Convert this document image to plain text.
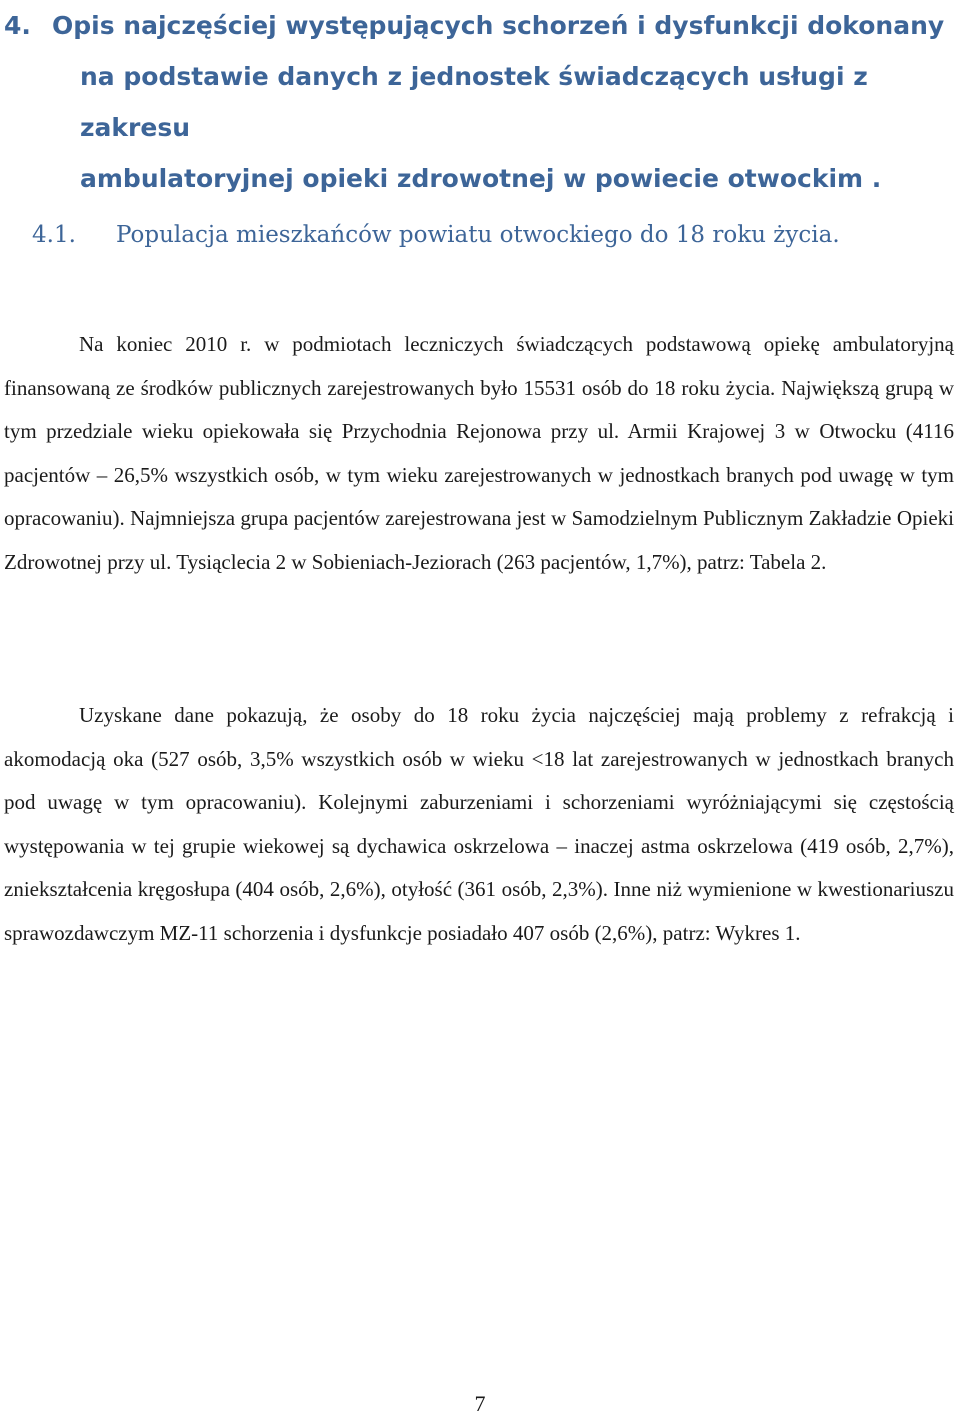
4. Opis najczęściej występujących schorzeń i dysfunkcji dokonany
na podstawie danych z jednostek świadczących usługi z zakresu
ambulatoryjnej opieki zdrowotnej w powiecie otwockim .
4.1. Populacja mieszkańców powiatu otwockiego do 18 roku życia.

Na koniec 2010 r. w podmiotach leczniczych świadczących podstawową opiekę ambulatoryjną finansowaną ze środków publicznych zarejestrowanych było 15531 osób do 18 roku życia. Największą grupą w tym przedziale wieku opiekowała się Przychodnia Rejonowa przy ul. Armii Krajowej 3 w Otwocku (4116 pacjentów – 26,5% wszystkich osób, w tym wieku zarejestrowanych w jednostkach branych pod uwagę w tym opracowaniu). Najmniejsza grupa pacjentów zarejestrowana jest w Samodzielnym Publicznym Zakładzie Opieki Zdrowotnej przy ul. Tysiąclecia 2 w Sobieniach-Jeziorach (263 pacjentów, 1,7%), patrz: Tabela 2.

Uzyskane dane pokazują, że osoby do 18 roku życia najczęściej mają problemy z refrakcją i akomodacją oka (527 osób, 3,5% wszystkich osób w wieku <18 lat zarejestrowanych w jednostkach branych pod uwagę w tym opracowaniu). Kolejnymi zaburzeniami i schorzeniami wyróżniającymi się częstością występowania w tej grupie wiekowej są dychawica oskrzelowa – inaczej astma oskrzelowa (419 osób, 2,7%), zniekształcenia kręgosłupa (404 osób, 2,6%), otyłość (361 osób, 2,3%). Inne niż wymienione w kwestionariuszu sprawozdawczym MZ-11 schorzenia i dysfunkcje posiadało 407 osób (2,6%), patrz: Wykres 1.

7
